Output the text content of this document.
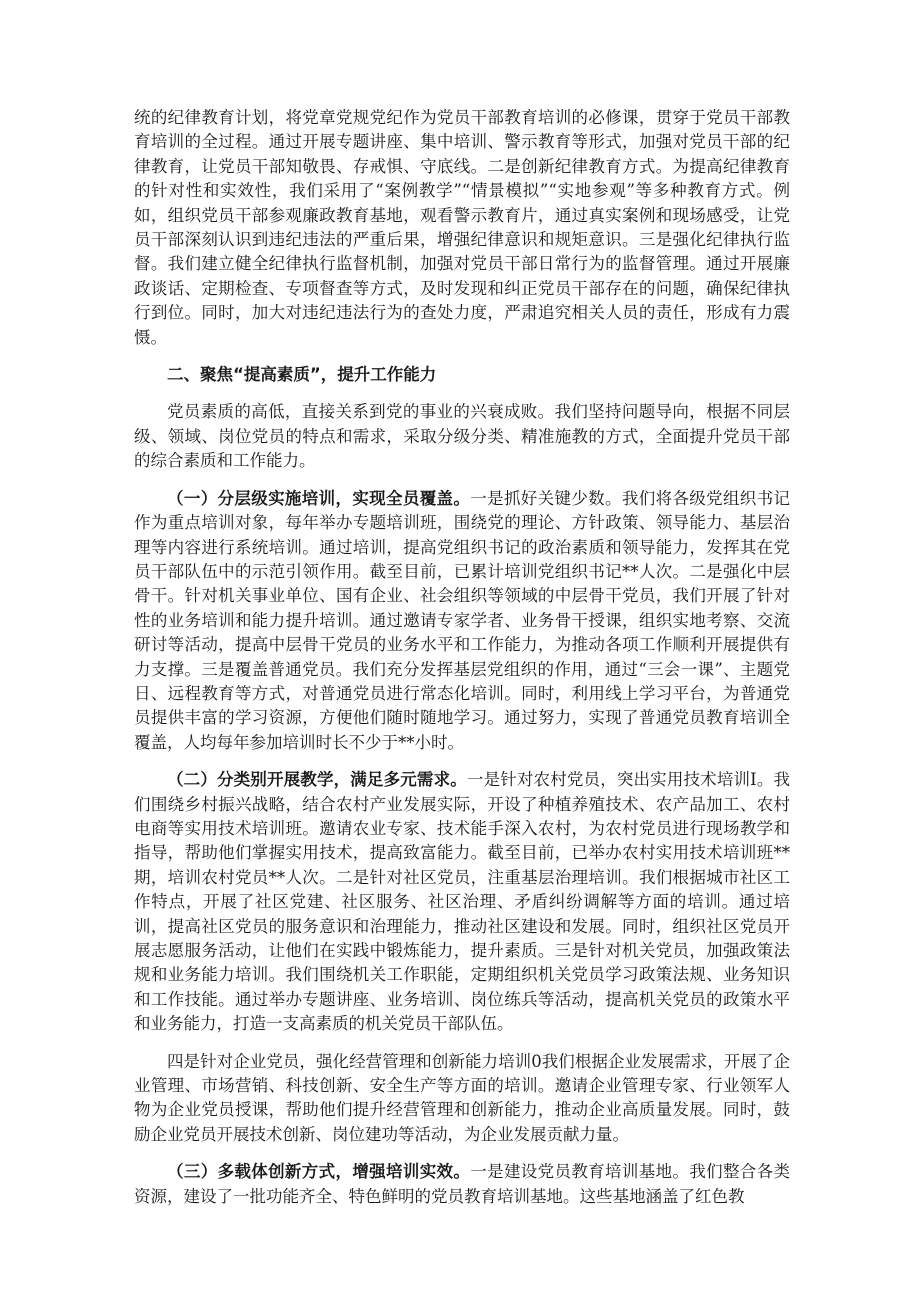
统的纪律教育计划，将党章党规党纪作为党员干部教育培训的必修课，贯穿于党员干部教育培训的全过程。通过开展专题讲座、集中培训、警示教育等形式，加强对党员干部的纪律教育，让党员干部知敬畏、存戒惧、守底线。二是创新纪律教育方式。为提高纪律教育的针对性和实效性，我们采用了“案例教学”“情景模拟”“实地参观”等多种教育方式。例如，组织党员干部参观廉政教育基地，观看警示教育片，通过真实案例和现场感受，让党员干部深刻认识到违纪违法的严重后果，增强纪律意识和规矩意识。三是强化纪律执行监督。我们建立健全纪律执行监督机制，加强对党员干部日常行为的监督管理。通过开展廉政谈话、定期检查、专项督查等方式，及时发现和纠正党员干部存在的问题，确保纪律执行到位。同时，加大对违纪违法行为的查处力度，严肃追究相关人员的责任，形成有力震慑。

二、聚焦“提高素质”，提升工作能力

党员素质的高低，直接关系到党的事业的兴衰成败。我们坚持问题导向，根据不同层级、领域、岗位党员的特点和需求，采取分级分类、精准施教的方式，全面提升党员干部的综合素质和工作能力。

（一）分层级实施培训，实现全员覆盖。一是抓好关键少数。我们将各级党组织书记作为重点培训对象，每年举办专题培训班，围绕党的理论、方针政策、领导能力、基层治理等内容进行系统培训。通过培训，提高党组织书记的政治素质和领导能力，发挥其在党员干部队伍中的示范引领作用。截至目前，已累计培训党组织书记**人次。二是强化中层骨干。针对机关事业单位、国有企业、社会组织等领域的中层骨干党员，我们开展了针对性的业务培训和能力提升培训。通过邀请专家学者、业务骨干授课，组织实地考察、交流研讨等活动，提高中层骨干党员的业务水平和工作能力，为推动各项工作顺利开展提供有力支撑。三是覆盖普通党员。我们充分发挥基层党组织的作用，通过“三会一课”、主题党日、远程教育等方式，对普通党员进行常态化培训。同时，利用线上学习平台，为普通党员提供丰富的学习资源，方便他们随时随地学习。通过努力，实现了普通党员教育培训全覆盖，人均每年参加培训时长不少于**小时。

（二）分类别开展教学，满足多元需求。一是针对农村党员，突出实用技术培训I。我们围绕乡村振兴战略，结合农村产业发展实际，开设了种植养殖技术、农产品加工、农村电商等实用技术培训班。邀请农业专家、技术能手深入农村，为农村党员进行现场教学和指导，帮助他们掌握实用技术，提高致富能力。截至目前，已举办农村实用技术培训班**期，培训农村党员**人次。二是针对社区党员，注重基层治理培训。我们根据城市社区工作特点，开展了社区党建、社区服务、社区治理、矛盾纠纷调解等方面的培训。通过培训，提高社区党员的服务意识和治理能力，推动社区建设和发展。同时，组织社区党员开展志愿服务活动，让他们在实践中锻炼能力，提升素质。三是针对机关党员，加强政策法规和业务能力培训。我们围绕机关工作职能，定期组织机关党员学习政策法规、业务知识和工作技能。通过举办专题讲座、业务培训、岗位练兵等活动，提高机关党员的政策水平和业务能力，打造一支高素质的机关党员干部队伍。

四是针对企业党员，强化经营管理和创新能力培训0我们根据企业发展需求，开展了企业管理、市场营销、科技创新、安全生产等方面的培训。邀请企业管理专家、行业领军人物为企业党员授课，帮助他们提升经营管理和创新能力，推动企业高质量发展。同时，鼓励企业党员开展技术创新、岗位建功等活动，为企业发展贡献力量。

（三）多载体创新方式，增强培训实效。一是建设党员教育培训基地。我们整合各类资源，建设了一批功能齐全、特色鲜明的党员教育培训基地。这些基地涵盖了红色教
